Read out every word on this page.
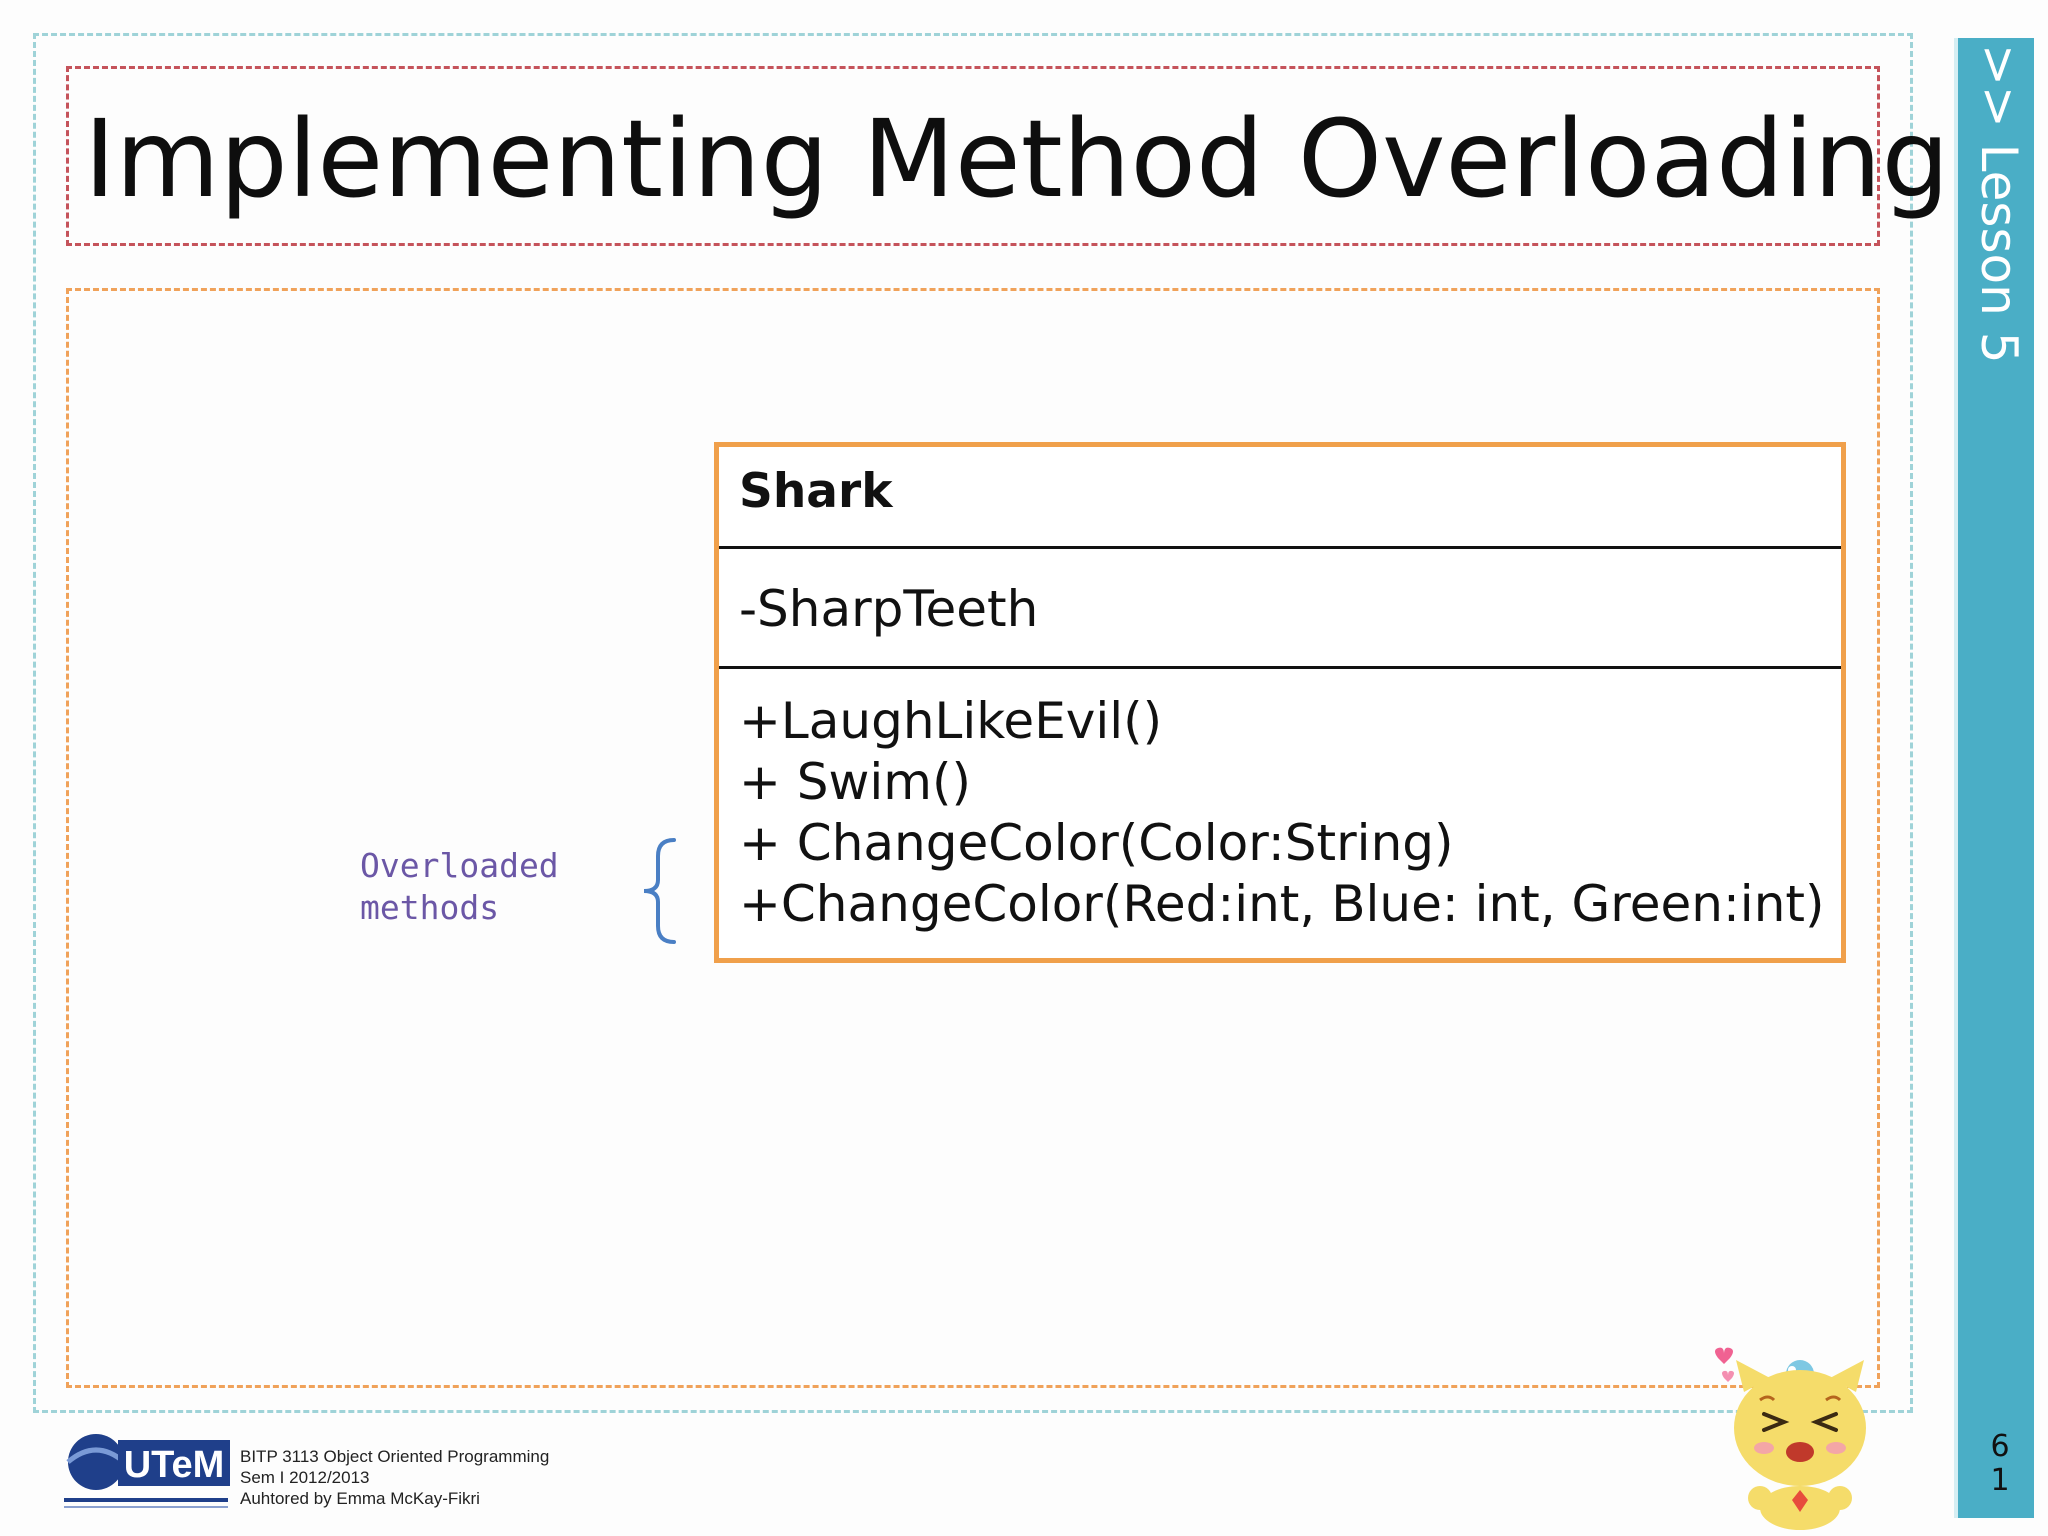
Implementing Method Overloading
Shark
-SharpTeeth
+LaughLikeEvil()
+ Swim()
+ ChangeColor(Color:String)
+ChangeColor(Red:int, Blue: int, Green:int)
Overloaded
methods
>> Lesson 5
6
1
UTeM BITP 3113 Object Oriented Programming
Sem I 2012/2013
Auhtored by Emma McKay-Fikri
